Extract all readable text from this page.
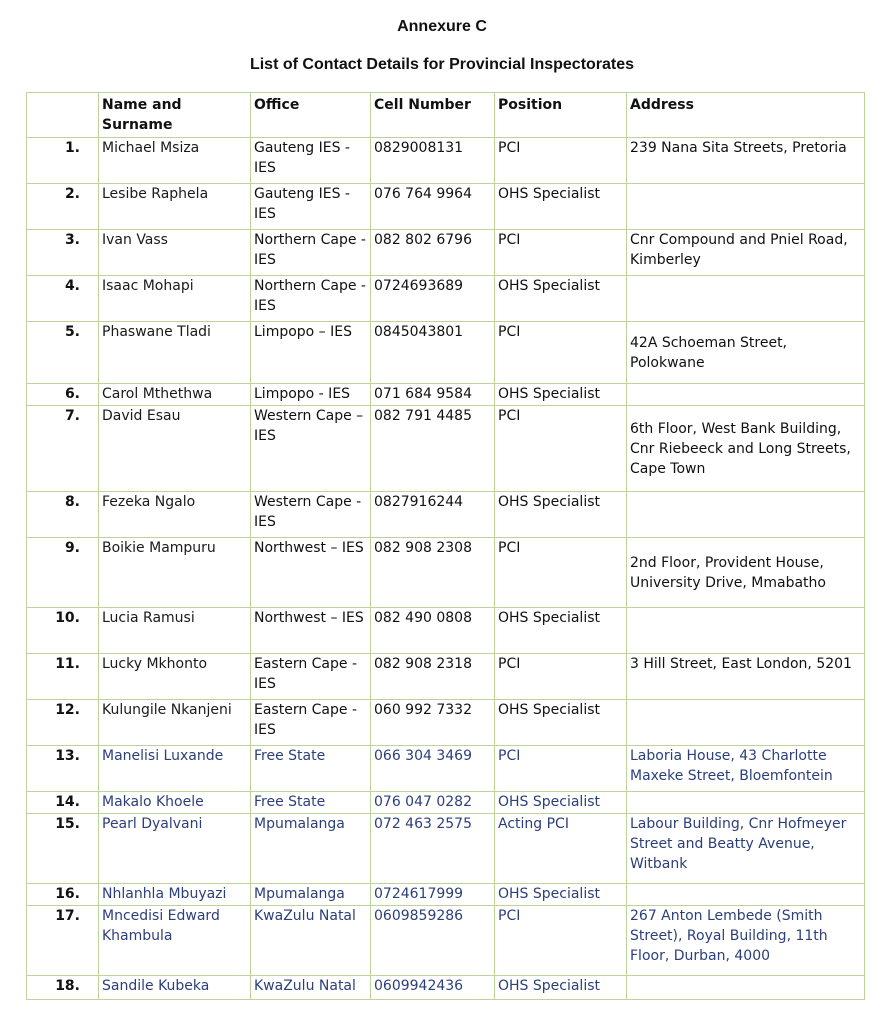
Annexure C
List of Contact Details for Provincial Inspectorates
	Name and Surname	Office	Cell Number	Position	Address
1.	Michael Msiza	Gauteng IES - IES	0829008131	PCI	239 Nana Sita Streets, Pretoria
2.	Lesibe Raphela	Gauteng IES - IES	076 764 9964	OHS Specialist	
3.	Ivan Vass	Northern Cape - IES	082 802 6796	PCI	Cnr Compound and Pniel Road, Kimberley
4.	Isaac Mohapi	Northern Cape - IES	0724693689	OHS Specialist	
5.	Phaswane Tladi	Limpopo – IES	0845043801	PCI	42A Schoeman Street, Polokwane
6.	Carol Mthethwa	Limpopo - IES	071 684 9584	OHS Specialist	
7.	David Esau	Western Cape – IES	082 791 4485	PCI	6th Floor, West Bank Building, Cnr Riebeeck and Long Streets, Cape Town
8.	Fezeka Ngalo	Western Cape - IES	0827916244	OHS Specialist	
9.	Boikie Mampuru	Northwest – IES	082 908 2308	PCI	2nd Floor, Provident House, University Drive, Mmabatho
10.	Lucia Ramusi	Northwest – IES	082 490 0808	OHS Specialist	
11.	Lucky Mkhonto	Eastern Cape - IES	082 908 2318	PCI	3 Hill Street, East London, 5201
12.	Kulungile Nkanjeni	Eastern Cape - IES	060 992 7332	OHS Specialist	
13.	Manelisi Luxande	Free State	066 304 3469	PCI	Laboria House, 43 Charlotte Maxeke Street, Bloemfontein
14.	Makalo Khoele	Free State	076 047 0282	OHS Specialist	
15.	Pearl Dyalvani	Mpumalanga	072 463 2575	Acting PCI	Labour Building, Cnr Hofmeyer Street and Beatty Avenue, Witbank
16.	Nhlanhla Mbuyazi	Mpumalanga	0724617999	OHS Specialist	
17.	Mncedisi Edward Khambula	KwaZulu Natal	0609859286	PCI	267 Anton Lembede (Smith Street), Royal Building, 11th Floor, Durban, 4000
18.	Sandile Kubeka	KwaZulu Natal	0609942436	OHS Specialist	
